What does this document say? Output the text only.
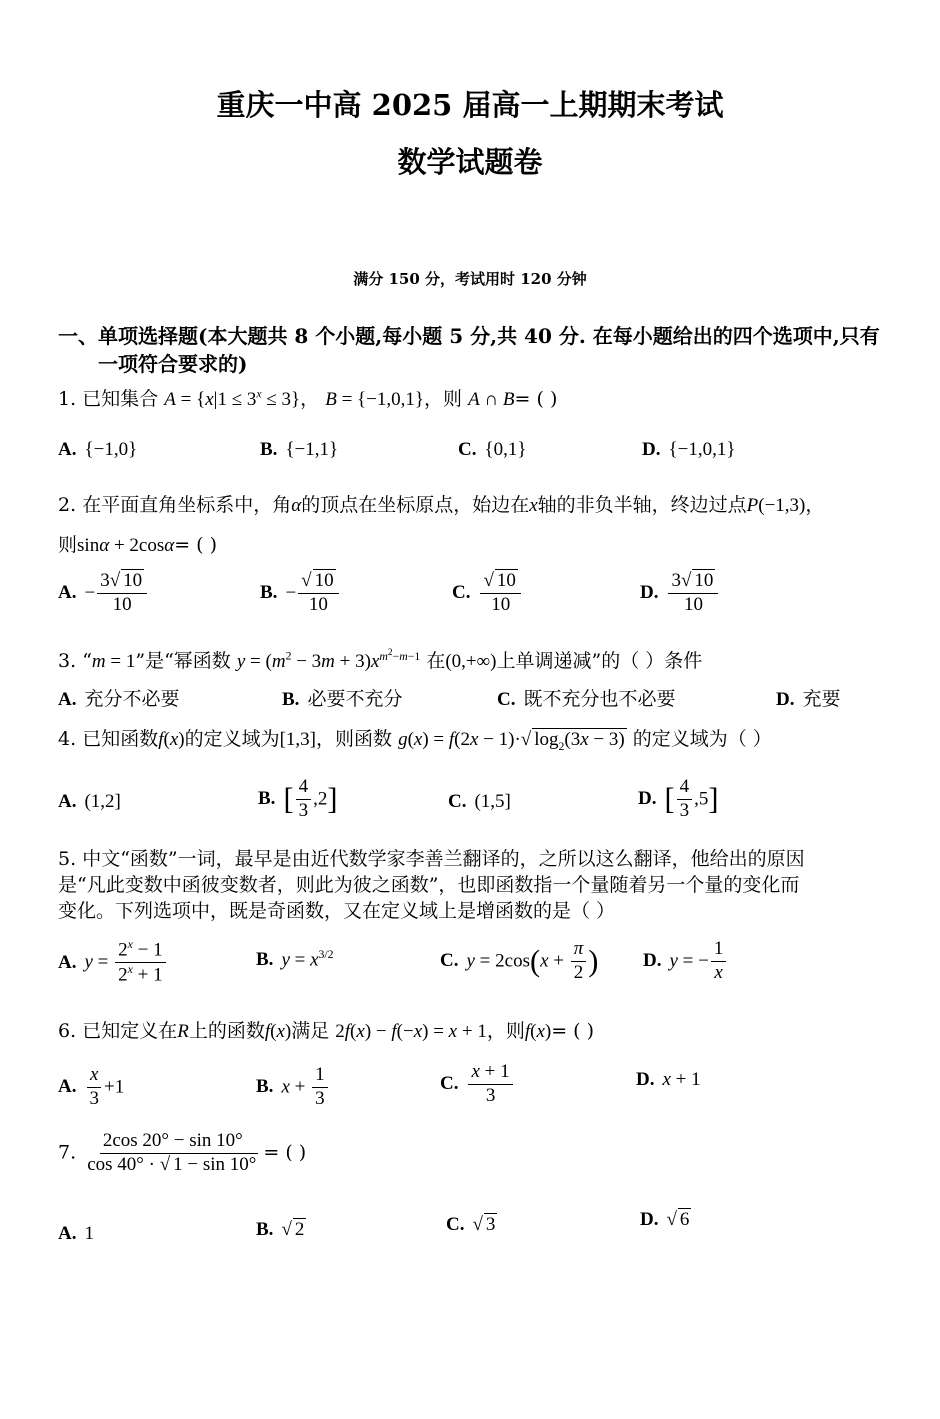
重庆一中高 2025 届高一上期期末考试
数学试题卷
满分 150 分，考试用时 120 分钟
一、单项选择题(本大题共 8 个小题,每小题 5 分,共 40 分. 在每小题给出的四个选项中,只有
一项符合要求的)
1. 已知集合 $A = \{x|1 \le 3^x \le 3\}$， B = {−1,0,1}，则 A ∩ B= ( )
A. {−1,0}	B. {−1,1}	C. {0,1}	D. {−1,0,1}
2. 在平面直角坐标系中，角α的顶点在坐标原点，始边在x轴的非负半轴，终边过点P(−1,3)，
则sinα + 2cosα= ( )
A. − $\frac{3√ 10}{10}$	B. − $\frac{√ 10}{10}$	C. $\frac{√ 10}{10}$	D. $\frac{3√ 10}{10}$
3. “m = 1”是“幂函数 $y = (m^2 - 3m + 3)x^{m^2-m-1}$ 在(0,+∞)上单调递减”的（ ）条件
A. 充分不必要	B. 必要不充分	C. 既不充分也不必要	D. 充要
4. 已知函数f(x)的定义域为[1,3]，则函数 g(x) = f(2x − 1)·√ $\log_2(3x - 3)$ 的定义域为（ ）
A. (1,2]	B. [ $\frac{4}{3} ,2$]	C. (1,5]	D. [ $\frac{4}{3} ,5$]
5. 中文“函数”一词，最早是由近代数学家李善兰翻译的，之所以这么翻译，他给出的原因
是“凡此变数中函彼变数者，则此为彼之函数”，也即函数指一个量随着另一个量的变化而
变化。下列选项中，既是奇函数，又在定义域上是增函数的是（ ）
A. $y = \frac{2^x - 1}{2^x + 1}$	B. $y = x^{3/2}$	C. $y = 2\cos(x + \frac{\pi}{2}$ ) D. y = − $\frac{1}{x}$
6. 已知定义在R上的函数f(x)满足 2f(x) − f(−x) = x + 1，则f(x)= ( )
A. $\frac{x}{3} +1$	B. $x + \frac{1}{3}$	C. $\frac{x + 1}{3}$	D. x + 1
7. $\frac{2\cos 20^\circ - \sin 10^\circ}{\cos 40^\circ \cdot √ 1 - \sin 10^\circ}$ = ( )
A. 1	B. √ 2	C. √ 3	D. √ 6
